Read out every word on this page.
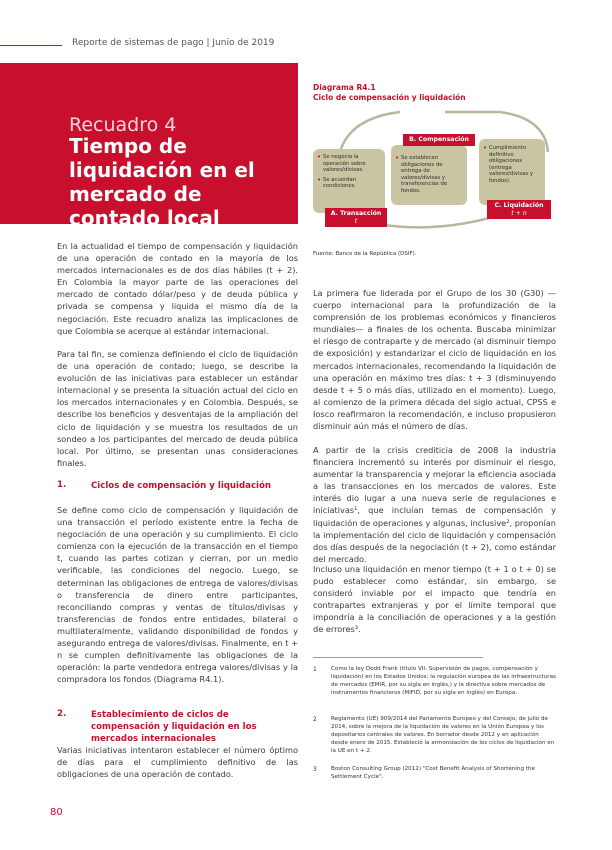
Reporte de sistemas de pago | Junio de 2019
Recuadro 4
Tiempo de liquidación en el mercado de contado local
Diagrama R4.1
Ciclo de compensación y liquidación
• Se negocia la operación sobre valores/divisas.
• Se acuerdan condiciones.
A. Transacción
t
• Se establecen obligaciones de entrega de valores/divisas y transferencias de fondos.
B. Compensación
• Cumplimiento definitivo obligaciones (entrega valores/divisas y fondos).
C. Liquidación
t + n
Fuente: Banco de la República (DSIF).
En la actualidad el tiempo de compensación y liquidación de una operación de contado en la mayoría de los mercados internacionales es de dos días hábiles (t + 2). En Colombia la mayor parte de las operaciones del mercado de contado dólar/peso y de deuda pública y privada se compensa y liquida el mismo día de la negociación. Este recuadro analiza las implicaciones de que Colombia se acerque al estándar internacional.
Para tal fin, se comienza definiendo el ciclo de liquidación de una operación de contado; luego, se describe la evolución de las iniciativas para establecer un estándar internacional y se presenta la situación actual del ciclo en los mercados internacionales y en Colombia. Después, se describe los beneficios y desventajas de la ampliación del ciclo de liquidación y se muestra los resultados de un sondeo a los participantes del mercado de deuda pública local. Por último, se presentan unas consideraciones finales.
1.	Ciclos de compensación y liquidación
Se define como ciclo de compensación y liquidación de una transacción el período existente entre la fecha de negociación de una operación y su cumplimiento. El ciclo comienza con la ejecución de la transacción en el tiempo t, cuando las partes cotizan y cierran, por un medio verificable, las condiciones del negocio. Luego, se determinan las obligaciones de entrega de valores/divisas o transferencia de dinero entre participantes, reconciliando compras y ventas de títulos/divisas y transferencias de fondos entre entidades, bilateral o multilateralmente, validando disponibilidad de fondos y asegurando entrega de valores/divisas. Finalmente, en t + n se cumplen definitivamente las obligaciones de la operación: la parte vendedora entrega valores/divisas y la compradora los fondos (Diagrama R4.1).
2.	Establecimiento de ciclos de compensación y liquidación en los mercados internacionales
Varias iniciativas intentaron establecer el número óptimo de días para el cumplimiento definitivo de las obligaciones de una operación de contado.
La primera fue liderada por el Grupo de los 30 (G30) —cuerpo internacional para la profundización de la comprensión de los problemas económicos y financieros mundiales— a finales de los ochenta. Buscaba minimizar el riesgo de contraparte y de mercado (al disminuir tiempo de exposición) y estandarizar el ciclo de liquidación en los mercados internacionales, recomendando la liquidación de una operación en máximo tres días: t + 3 (disminuyendo desde t + 5 o más días, utilizado en el momento). Luego, al comienzo de la primera década del siglo actual, CPSS e Iosco reafirmaron la recomendación, e incluso propusieron disminuir aún más el número de días.
A partir de la crisis crediticia de 2008 la industria financiera incrementó su interés por disminuir el riesgo, aumentar la transparencia y mejorar la eficiencia asociada a las transacciones en los mercados de valores. Este interés dio lugar a una nueva serie de regulaciones e iniciativas¹, que incluían temas de compensación y liquidación de operaciones y algunas, inclusive², proponían la implementación del ciclo de liquidación y compensación dos días después de la negociación (t + 2), como estándar del mercado.
Incluso una liquidación en menor tiempo (t + 1 o t + 0) se pudo establecer como estándar, sin embargo, se consideró inviable por el impacto que tendría en contrapartes extranjeras y por el límite temporal que impondría a la conciliación de operaciones y a la gestión de errores³.
1	Como la ley Dodd Frank (título VII: Supervisión de pagos, compensación y liquidación) en los Estados Unidos; la regulación europea de las infraestructuras de mercados (EMIR, por su sigla en inglés,) y la directiva sobre mercados de instrumentos financieros (MiFID, por su sigla en inglés) en Europa.
2	Reglamento (UE) 909/2014 del Parlamento Europeo y del Consejo, de julio de 2014, sobre la mejora de la liquidación de valores en la Unión Europea y los depositarios centrales de valores. En borrador desde 2012 y en aplicación desde enero de 2015. Estableció la armonización de los ciclos de liquidación en la UE en t + 2.
3	Boston Consulting Group (2012) "Cost Benefit Analysis of Shortening the Settlement Cycle".
80
